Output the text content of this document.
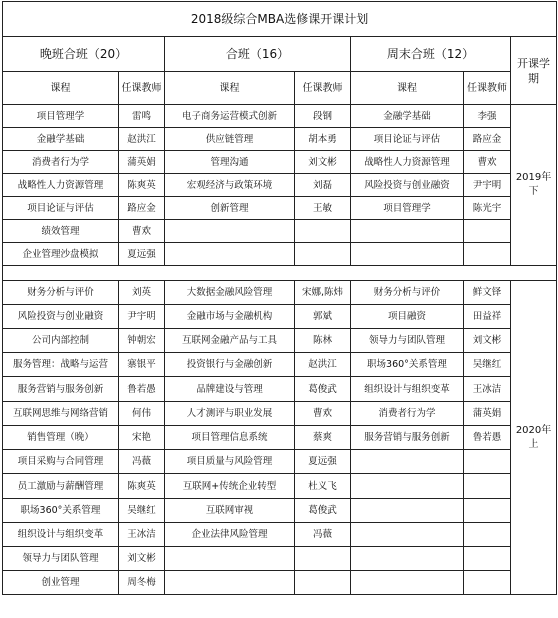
2018级综合MBA选修课开课计划						
晚班合班（20）		合班（16）		周末合班（12）		开课学期
课程	任课教师	课程	任课教师	课程	任课教师	
项目管理学	雷鸣	电子商务运营模式创新	段钢	金融学基础	李强	2019年下
金融学基础	赵洪江	供应链管理	胡本勇	项目论证与评估	路应金	
消费者行为学	蒲英娟	管理沟通	刘文彬	战略性人力资源管理	曹欢	
战略性人力资源管理	陈爽英	宏观经济与政策环境	刘磊	风险投资与创业融资	尹宇明	
项目论证与评估	路应金	创新管理	王敏	项目管理学	陈光宇	
绩效管理	曹欢					
企业管理沙盘模拟	夏远强					

财务分析与评价	刘英	大数据金融风险管理	宋娜,陈炜	财务分析与评价	鲜文铎	2020年上
风险投资与创业融资	尹宇明	金融市场与金融机构	郭斌	项目融资	田益祥	
公司内部控制	钟朝宏	互联网金融产品与工具	陈林	领导力与团队管理	刘文彬	
服务管理：战略与运营	寨银平	投资银行与金融创新	赵洪江	职场360°关系管理	吴继红	
服务营销与服务创新	鲁若愚	品牌建设与管理	葛俊武	组织设计与组织变革	王冰洁	
互联网思维与网络营销	何伟	人才测评与职业发展	曹欢	消费者行为学	蒲英娟	
销售管理（晚）	宋艳	项目管理信息系统	蔡爽	服务营销与服务创新	鲁若愚	
项目采购与合同管理	冯薇	项目质量与风险管理	夏远强			
员工激励与薪酬管理	陈爽英	互联网+传统企业转型	杜义飞			
职场360°关系管理	吴继红	互联网审视	葛俊武			
组织设计与组织变革	王冰洁	企业法律风险管理	冯薇			
领导力与团队管理	刘文彬					
创业管理	周冬梅					
